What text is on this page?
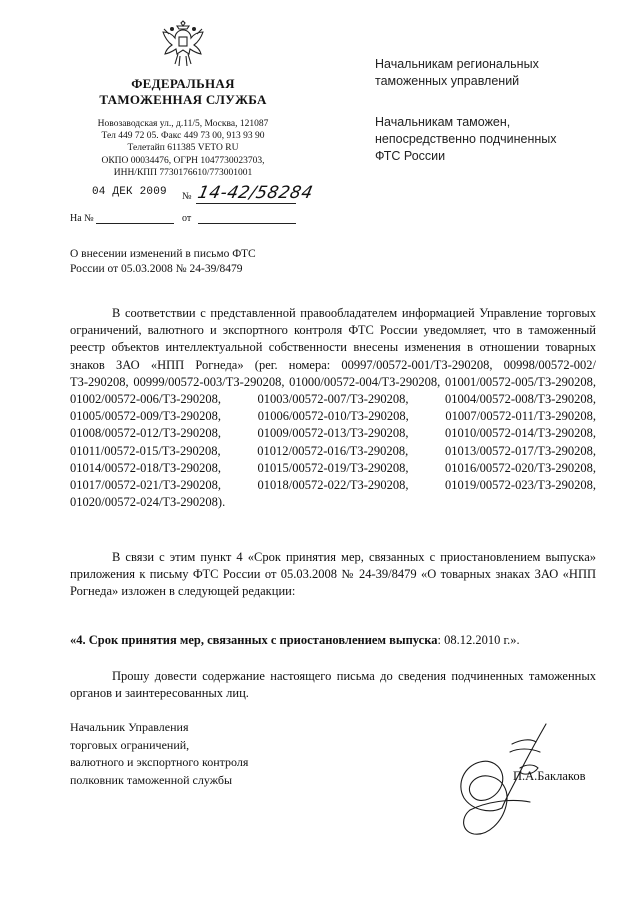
ФЕДЕРАЛЬНАЯ
ТАМОЖЕННАЯ СЛУЖБА
Новозаводская ул., д.11/5, Москва, 121087
Тел 449 72 05. Факс 449 73 00, 913 93 90
Телетайп 611385 VETO RU
ОКПО 00034476, ОГРН 1047730023703,
ИНН/КПП 7730176610/773001001
04 ДЕК 2009 № 14-42/58284
На №	от
О внесении изменений в письмо ФТС
России от 05.03.2008 № 24-39/8479
Начальникам региональных
таможенных управлений
Начальникам таможен,
непосредственно подчиненных
ФТС России
В соответствии с представленной правообладателем информацией Управление торговых ограничений, валютного и экспортного контроля ФТС России уведомляет, что в таможенный реестр объектов интеллектуальной собственности внесены изменения в отношении товарных знаков ЗАО «НПП Рогнеда» (рег. номера: 00997/00572-001/ТЗ-290208, 00998/00572-002/ТЗ-290208, 00999/00572-003/ТЗ-290208, 01000/00572-004/ТЗ-290208, 01001/00572-005/ТЗ-290208, 01002/00572-006/ТЗ-290208, 01003/00572-007/ТЗ-290208, 01004/00572-008/ТЗ-290208, 01005/00572-009/ТЗ-290208, 01006/00572-010/ТЗ-290208, 01007/00572-011/ТЗ-290208, 01008/00572-012/ТЗ-290208, 01009/00572-013/ТЗ-290208, 01010/00572-014/ТЗ-290208, 01011/00572-015/ТЗ-290208, 01012/00572-016/ТЗ-290208, 01013/00572-017/ТЗ-290208, 01014/00572-018/ТЗ-290208, 01015/00572-019/ТЗ-290208, 01016/00572-020/ТЗ-290208, 01017/00572-021/ТЗ-290208, 01018/00572-022/ТЗ-290208, 01019/00572-023/ТЗ-290208, 01020/00572-024/ТЗ-290208).
В связи с этим пункт 4 «Срок принятия мер, связанных с приостановлением выпуска» приложения к письму ФТС России от 05.03.2008 № 24-39/8479 «О товарных знаках ЗАО «НПП Рогнеда» изложен в следующей редакции:
«4. Срок принятия мер, связанных с приостановлением выпуска: 08.12.2010 г.».
Прошу довести содержание настоящего письма до сведения подчиненных таможенных органов и заинтересованных лиц.
Начальник Управления
торговых ограничений,
валютного и экспортного контроля
полковник таможенной службы	П.А.Баклаков
